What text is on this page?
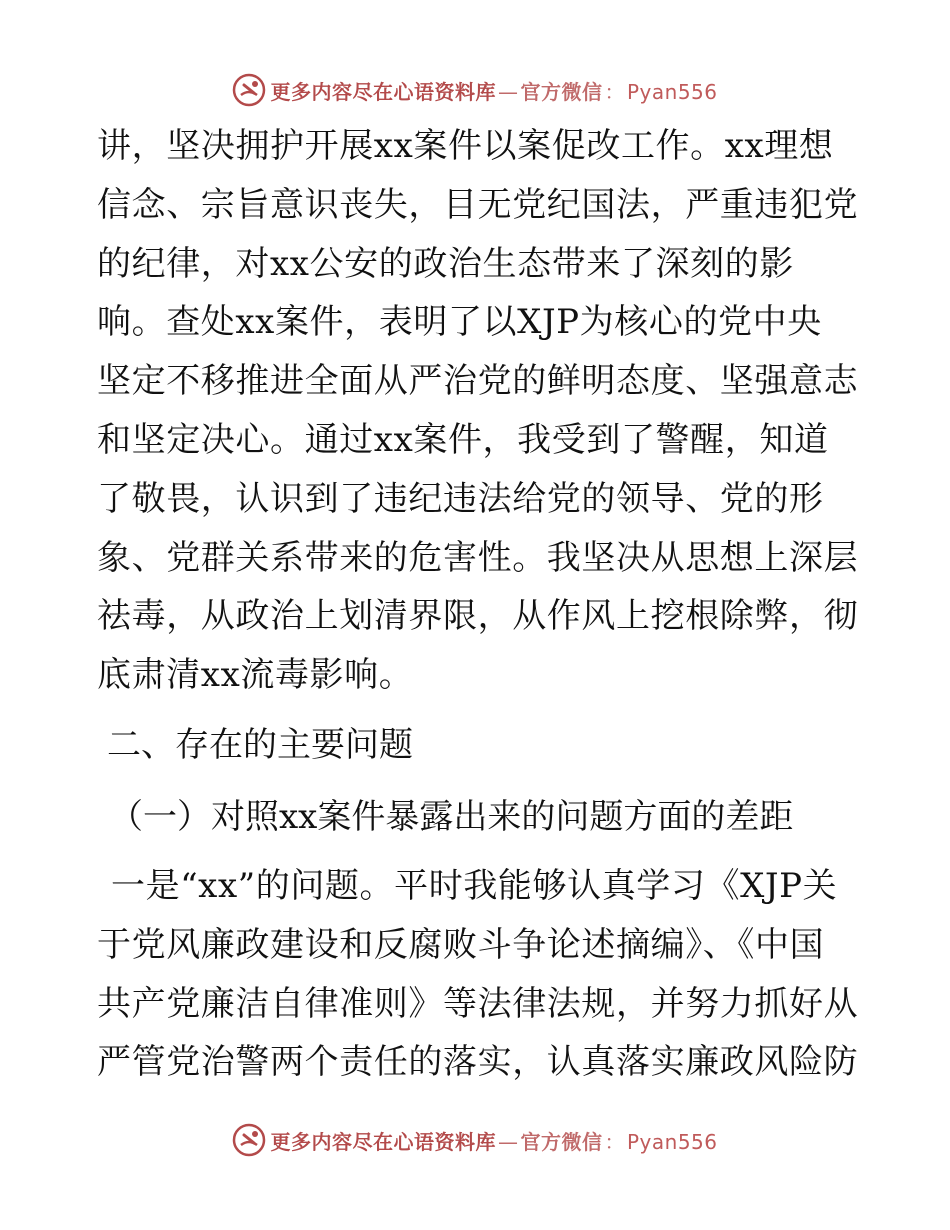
更多内容尽在心语资料库 — 官方微信 ： Pyan556
讲，坚决拥护开展xx案件以案促改工作。xx理想
信念、宗旨意识丧失，目无党纪国法，严重违犯党
的纪律，对xx公安的政治生态带来了深刻的影
响。查处xx案件，表明了以XJP为核心的党中央
坚定不移推进全面从严治党的鲜明态度、坚强意志
和坚定决心。通过xx案件，我受到了警醒，知道
了敬畏，认识到了违纪违法给党的领导、党的形
象、党群关系带来的危害性。我坚决从思想上深层
祛毒，从政治上划清界限，从作风上挖根除弊，彻
底肃清xx流毒影响。
二、存在的主要问题
（一）对照xx案件暴露出来的问题方面的差距
一是“xx”的问题。平时我能够认真学习《XJP关
于党风廉政建设和反腐败斗争论述摘编》、《中国
共产党廉洁自律准则》等法律法规，并努力抓好从
严管党治警两个责任的落实，认真落实廉政风险防
更多内容尽在心语资料库 — 官方微信 ： Pyan556
